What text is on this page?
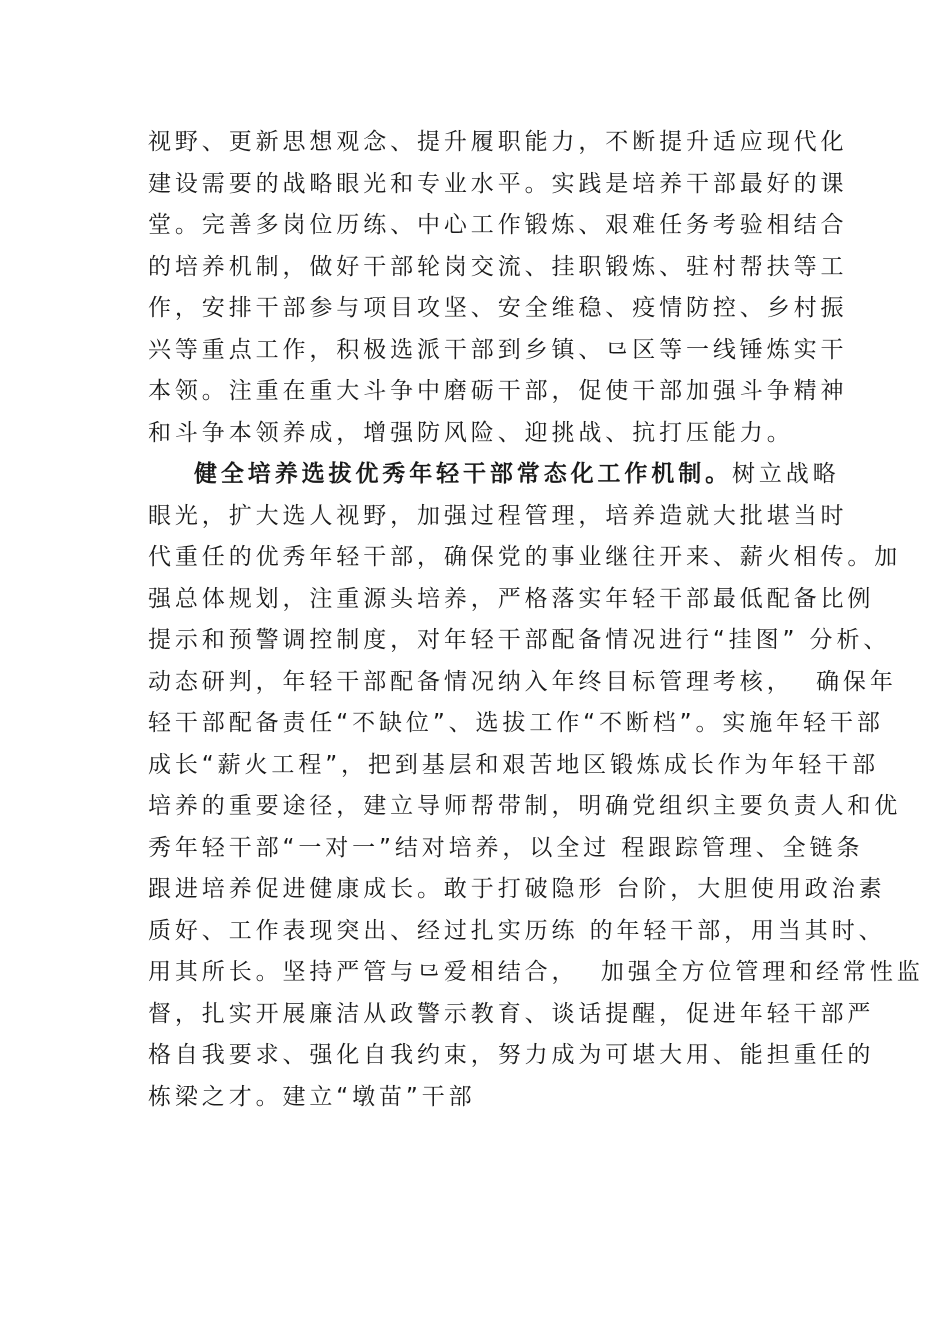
视野、更新思想观念、提升履职能力，不断提升适应现代化
建设需要的战略眼光和专业水平。实践是培养干部最好的课
堂。完善多岗位历练、中心工作锻炼、艰难任务考验相结合
的培养机制，做好干部轮岗交流、挂职锻炼、驻村帮扶等工
作，安排干部参与项目攻坚、安全维稳、疫情防控、乡村振
兴等重点工作，积极选派干部到乡镇、⺋区等一线锤炼实干
本领。注重在重大斗争中磨砺干部，促使干部加强斗争精神
和斗争本领养成，增强防风险、迎挑战、抗打压能力。
健全培养选拔优秀年轻干部常态化工作机制。树立战略
眼光，扩大选人视野，加强过程管理，培养造就大批堪当时
代重任的优秀年轻干部，确保党的事业继往开来、薪火相传。加
强总体规划，注重源头培养，严格落实年轻干部最低配备比例
提示和预警调控制度，对年轻干部配备情况进行“挂图” 分析、
动态研判，年轻干部配备情况纳入年终目标管理考核，  确保年
轻干部配备责任“不缺位”、选拔工作“不断档”。实施年轻干部
成长“薪火工程”，把到基层和艰苦地区锻炼成长作为年轻干部
培养的重要途径，建立导师帮带制，明确党组织主要负责人和优
秀年轻干部“一对一”结对培养，以全过 程跟踪管理、全链条
跟进培养促进健康成长。敢于打破隐形 台阶，大胆使用政治素
质好、工作表现突出、经过扎实历练 的年轻干部，用当其时、
用其所长。坚持严管与⺋爱相结合，  加强全方位管理和经常性监
督，扎实开展廉洁从政警示教育、谈话提醒，促进年轻干部严
格自我要求、强化自我约束，努力成为可堪大用、能担重任的
栋梁之才。建立“墩苗”干部
